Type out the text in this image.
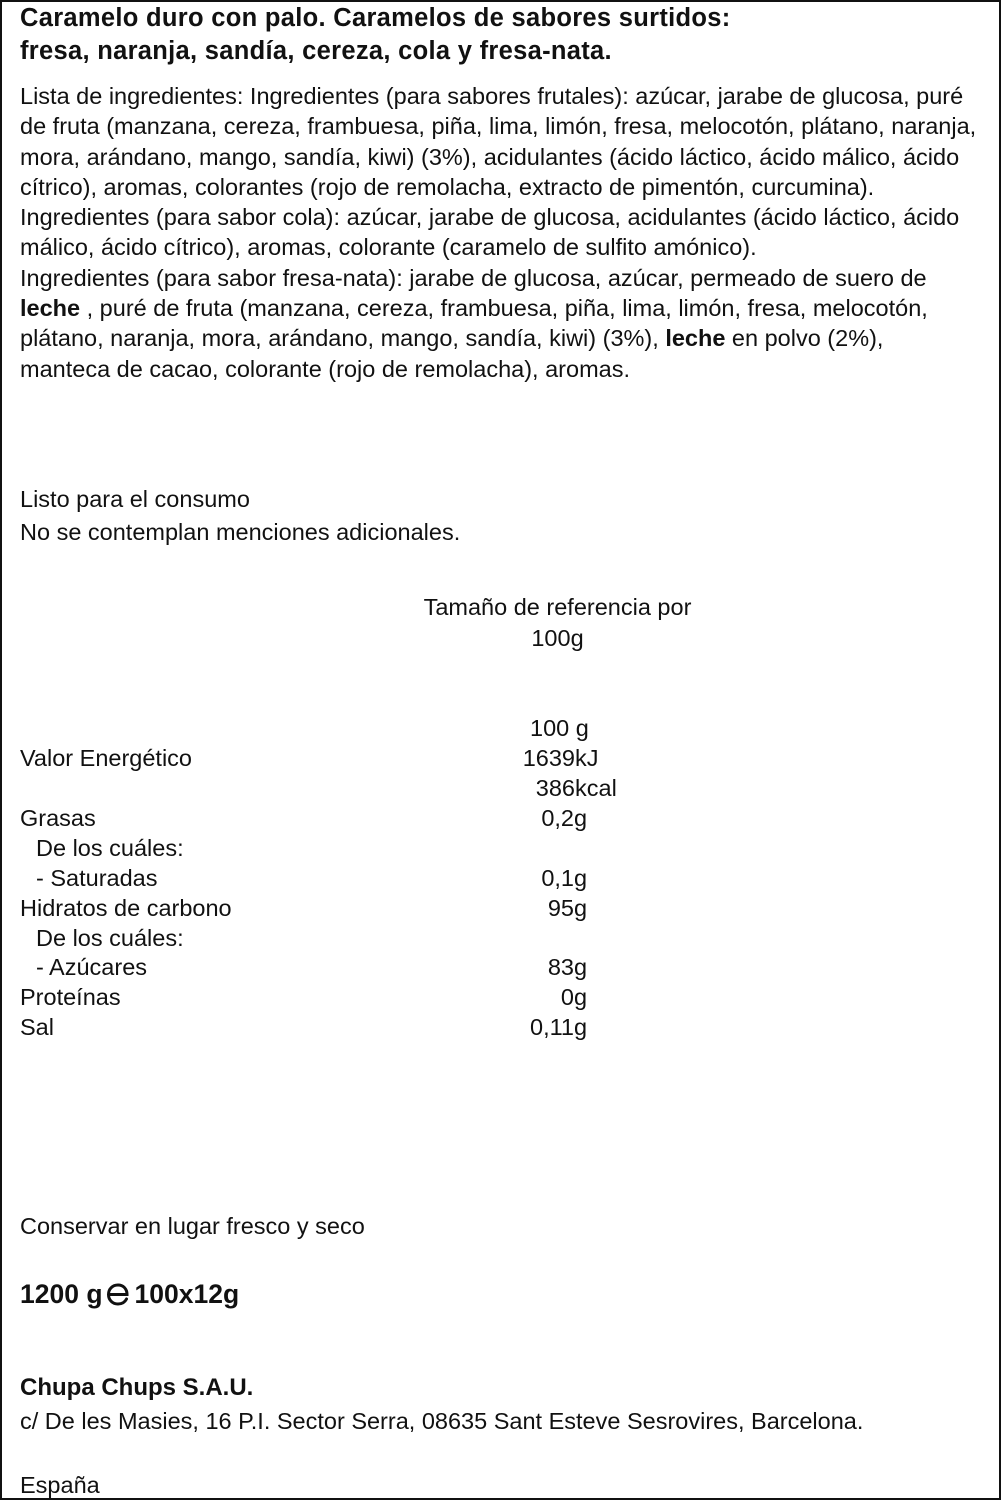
Caramelo duro con palo. Caramelos de sabores surtidos:
fresa, naranja, sandía, cereza, cola y fresa-nata.

Lista de ingredientes: Ingredientes (para sabores frutales): azúcar, jarabe de glucosa, puré de fruta (manzana, cereza, frambuesa, piña, lima, limón, fresa, melocotón, plátano, naranja, mora, arándano, mango, sandía, kiwi) (3%), acidulantes (ácido láctico, ácido málico, ácido cítrico), aromas, colorantes (rojo de remolacha, extracto de pimentón, curcumina).

Ingredientes (para sabor cola): azúcar, jarabe de glucosa, acidulantes (ácido láctico, ácido málico, ácido cítrico), aromas, colorante (caramelo de sulfito amónico).

Ingredientes (para sabor fresa-nata): jarabe de glucosa, azúcar, permeado de suero de leche , puré de fruta (manzana, cereza, frambuesa, piña, lima, limón, fresa, melocotón, plátano, naranja, mora, arándano, mango, sandía, kiwi) (3%), leche en polvo (2%), manteca de cacao, colorante (rojo de remolacha), aromas.

Listo para el consumo
No se contemplan menciones adicionales.
Tamaño de referencia por
100g
100 g
Valor Energético	1639kJ
386kcal
Grasas	0,2g
De los cuáles:
- Saturadas	0,1g
Hidratos de carbono	95g
De los cuáles:
- Azúcares	83g
Proteínas	0g
Sal	0,11g
Conservar en lugar fresco y seco
1200 g 100x12g
Chupa Chups S.A.U.
c/ De les Masies, 16 P.I. Sector Serra, 08635 Sant Esteve Sesrovires, Barcelona.
España
